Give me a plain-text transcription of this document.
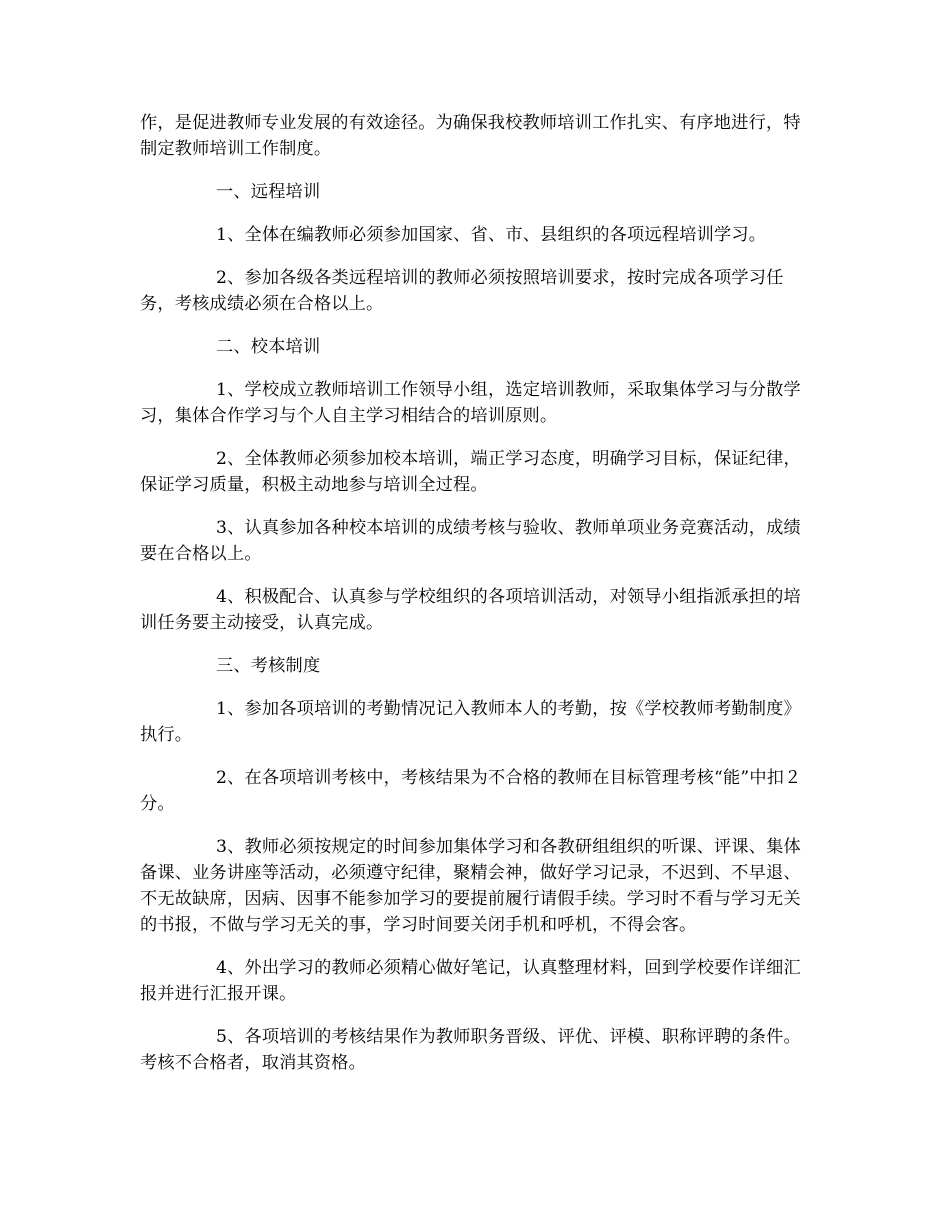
作，是促进教师专业发展的有效途径。为确保我校教师培训工作扎实、有序地进行，特制定教师培训工作制度。

一、远程培训

1、全体在编教师必须参加国家、省、市、县组织的各项远程培训学习。

2、参加各级各类远程培训的教师必须按照培训要求，按时完成各项学习任务，考核成绩必须在合格以上。

二、校本培训

1、学校成立教师培训工作领导小组，选定培训教师，采取集体学习与分散学习，集体合作学习与个人自主学习相结合的培训原则。

2、全体教师必须参加校本培训，端正学习态度，明确学习目标，保证纪律，保证学习质量，积极主动地参与培训全过程。

3、认真参加各种校本培训的成绩考核与验收、教师单项业务竞赛活动，成绩要在合格以上。

4、积极配合、认真参与学校组织的各项培训活动，对领导小组指派承担的培训任务要主动接受，认真完成。

三、考核制度

1、参加各项培训的考勤情况记入教师本人的考勤，按《学校教师考勤制度》执行。

2、在各项培训考核中，考核结果为不合格的教师在目标管理考核“能”中扣２分。

3、教师必须按规定的时间参加集体学习和各教研组组织的听课、评课、集体备课、业务讲座等活动，必须遵守纪律，聚精会神，做好学习记录，不迟到、不早退、不无故缺席，因病、因事不能参加学习的要提前履行请假手续。学习时不看与学习无关的书报，不做与学习无关的事，学习时间要关闭手机和呼机，不得会客。

4、外出学习的教师必须精心做好笔记，认真整理材料，回到学校要作详细汇报并进行汇报开课。

5、各项培训的考核结果作为教师职务晋级、评优、评模、职称评聘的条件。考核不合格者，取消其资格。
